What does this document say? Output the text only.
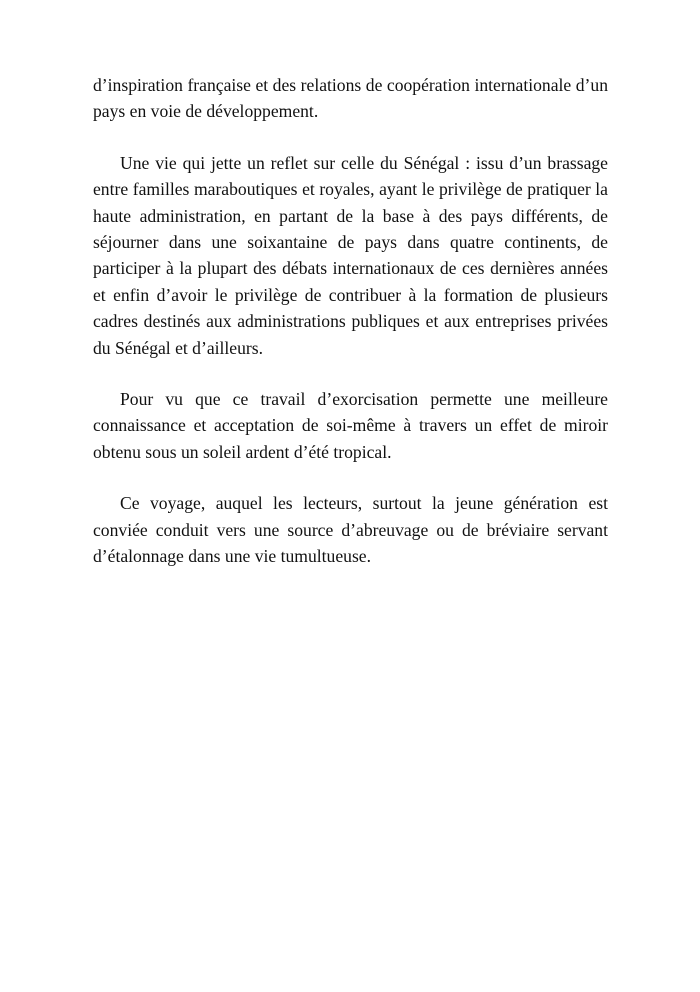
d’inspiration française et des relations de coopération internationale d’un pays en voie de développement.

Une vie qui jette un reflet sur celle du Sénégal : issu d’un brassage entre familles maraboutiques et royales, ayant le privilège de pratiquer la haute administration, en partant de la base à des pays différents, de séjourner dans une soixantaine de pays dans quatre continents, de participer à la plupart des débats internationaux de ces dernières années et enfin d’avoir le privilège de contribuer à la formation de plusieurs cadres destinés aux administrations publiques et aux entreprises privées du Sénégal et d’ailleurs.

Pour vu que ce travail d’exorcisation permette une meilleure connaissance et acceptation de soi-même à travers un effet de miroir obtenu sous un soleil ardent d’été tropical.

Ce voyage, auquel les lecteurs, surtout la jeune génération est conviée conduit vers une source d’abreuvage ou de bréviaire servant d’étalonnage dans une vie tumultueuse.
